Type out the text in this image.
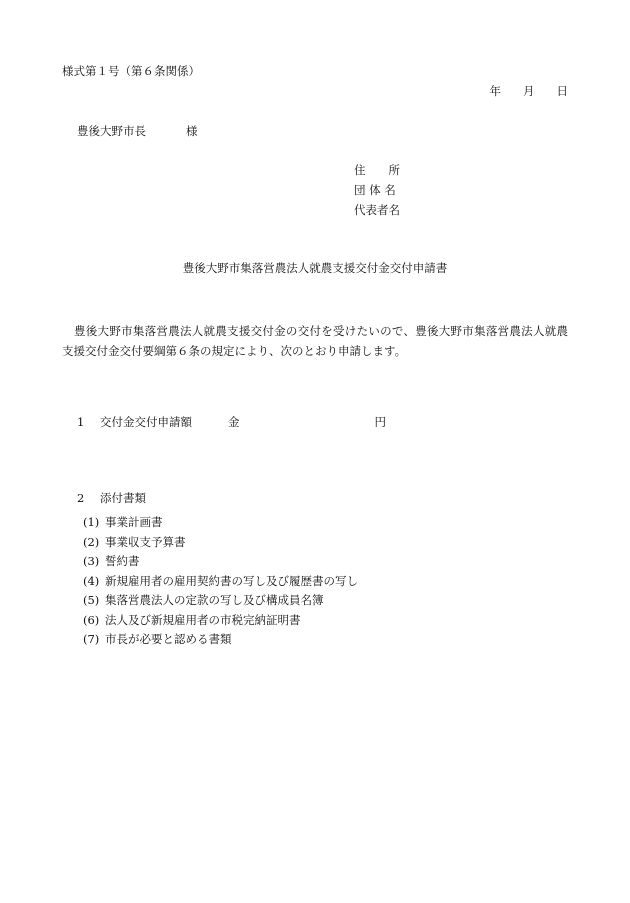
様式第１号（第６条関係）
年 月 日
豊後大野市長	様
住　　所
団 体 名
代表者名
豊後大野市集落営農法人就農支援交付金交付申請書
豊後大野市集落営農法人就農支援交付金の交付を受けたいので、豊後大野市集落営農法人就農支援交付金交付要綱第６条の規定により、次のとおり申請します。
1 交付金交付申請額	金	円
2 添付書類
(1) 事業計画書
(2) 事業収支予算書
(3) 誓約書
(4) 新規雇用者の雇用契約書の写し及び履歴書の写し
(5) 集落営農法人の定款の写し及び構成員名簿
(6) 法人及び新規雇用者の市税完納証明書
(7) 市長が必要と認める書類
